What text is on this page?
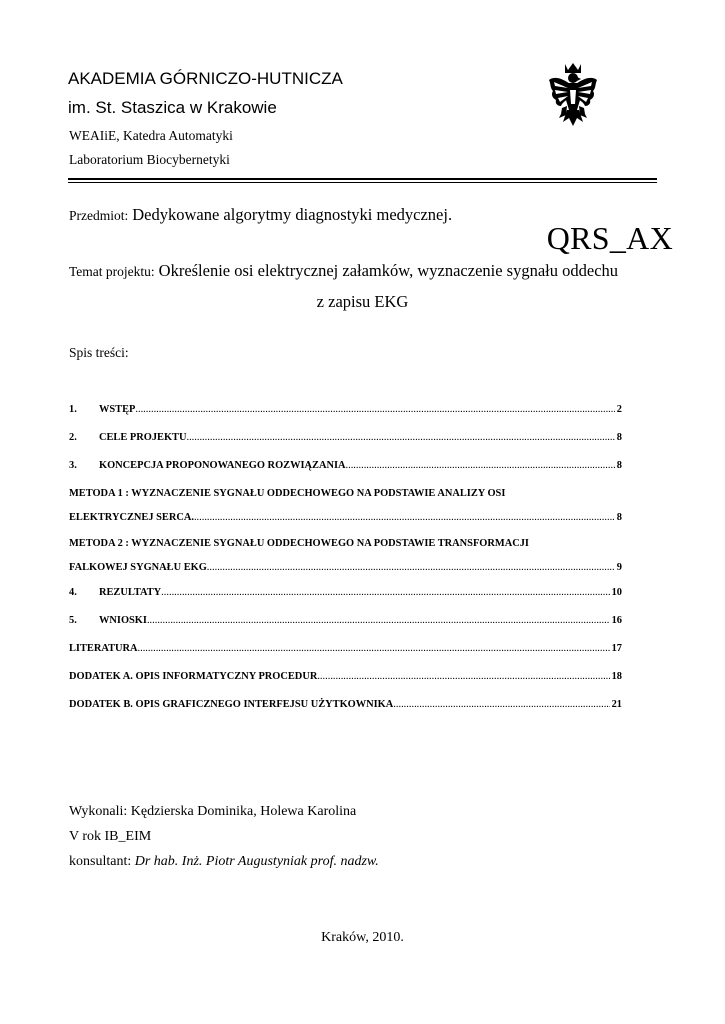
AKADEMIA GÓRNICZO-HUTNICZA
im. St. Staszica w Krakowie
WEAIiE, Katedra Automatyki
Laboratorium Biocybernetyki
Przedmiot: Dedykowane algorytmy diagnostyki medycznej.
QRS_AX
Temat projektu: Określenie osi elektrycznej załamków, wyznaczenie sygnału oddechu
z zapisu EKG
Spis treści:
1.	WSTĘP .....	2
2.	CELE PROJEKTU .....	8
3.	KONCEPCJA PROPONOWANEGO ROZWIĄZANIA .....	8
METODA 1 : WYZNACZENIE SYGNAŁU ODDECHOWEGO NA PODSTAWIE ANALIZY OSI
ELEKTRYCZNEJ SERCA. .....	8
METODA 2 : WYZNACZENIE SYGNAŁU ODDECHOWEGO NA PODSTAWIE TRANSFORMACJI
FALKOWEJ SYGNAŁU EKG .....	9
4.	REZULTATY .....	10
5.	WNIOSKI .....	16
LITERATURA .....	17
DODATEK A. OPIS INFORMATYCZNY PROCEDUR .....	18
DODATEK B. OPIS GRAFICZNEGO INTERFEJSU UŻYTKOWNIKA .....	21
Wykonali: Kędzierska Dominika, Holewa Karolina
V rok IB_EIM
konsultant: Dr hab. Inż. Piotr Augustyniak prof. nadzw.
Kraków, 2010.
